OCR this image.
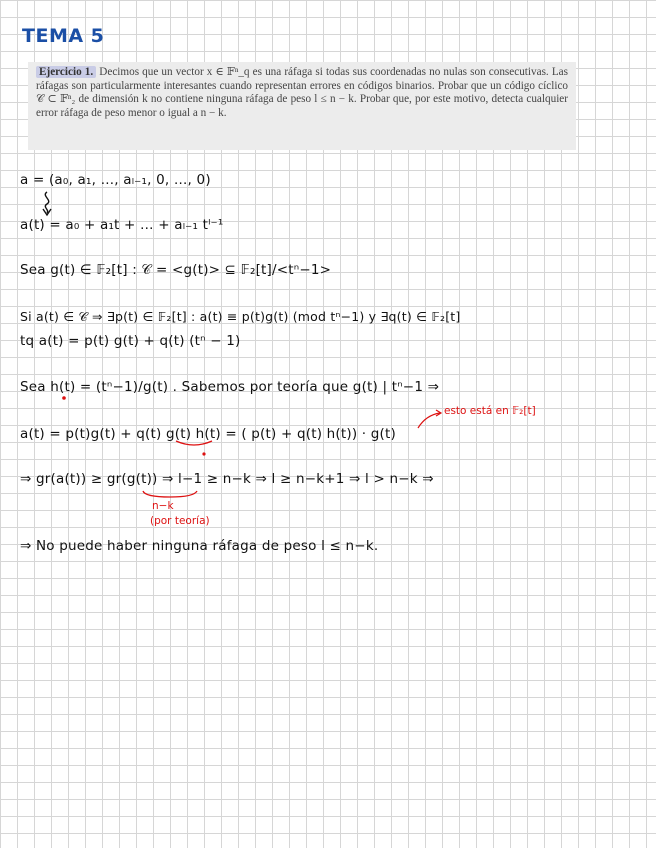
TEMA 5
Ejercicio 1. Decimos que un vector x ∈ 𝔽ⁿ_q es una ráfaga si todas sus coordenadas no nulas son consecutivas. Las ráfagas son particularmente interesantes cuando representan errores en códigos binarios. Probar que un código cíclico 𝒞 ⊂ 𝔽ⁿ₂ de dimensión k no contiene ninguna ráfaga de peso l ≤ n − k. Probar que, por este motivo, detecta cualquier error ráfaga de peso menor o igual a n − k.
a = (a₀, a₁, …, aₗ₋₁, 0, …, 0)
a(t) = a₀ + a₁t + … + aₗ₋₁ tˡ⁻¹
Sea g(t) ∈ 𝔽₂[t] : 𝒞 = <g(t)> ⊆ 𝔽₂[t]/<tⁿ−1>
Si a(t) ∈ 𝒞 ⇒ ∃p(t) ∈ 𝔽₂[t] : a(t) ≡ p(t)g(t) (mod tⁿ−1) y ∃q(t) ∈ 𝔽₂[t]
tq a(t) = p(t) g(t) + q(t) (tⁿ − 1)
Sea h(t) = (tⁿ−1)/g(t) . Sabemos por teoría que g(t) | tⁿ−1 ⇒
esto está en 𝔽₂[t]
a(t) = p(t)g(t) + q(t) g(t) h(t) = ( p(t) + q(t) h(t)) · g(t)
⇒ gr(a(t)) ≥ gr(g(t)) ⇒ l−1 ≥ n−k ⇒ l ≥ n−k+1 ⇒ l > n−k ⇒
n−k
(por teoría)
⇒ No puede haber ninguna ráfaga de peso l ≤ n−k.
